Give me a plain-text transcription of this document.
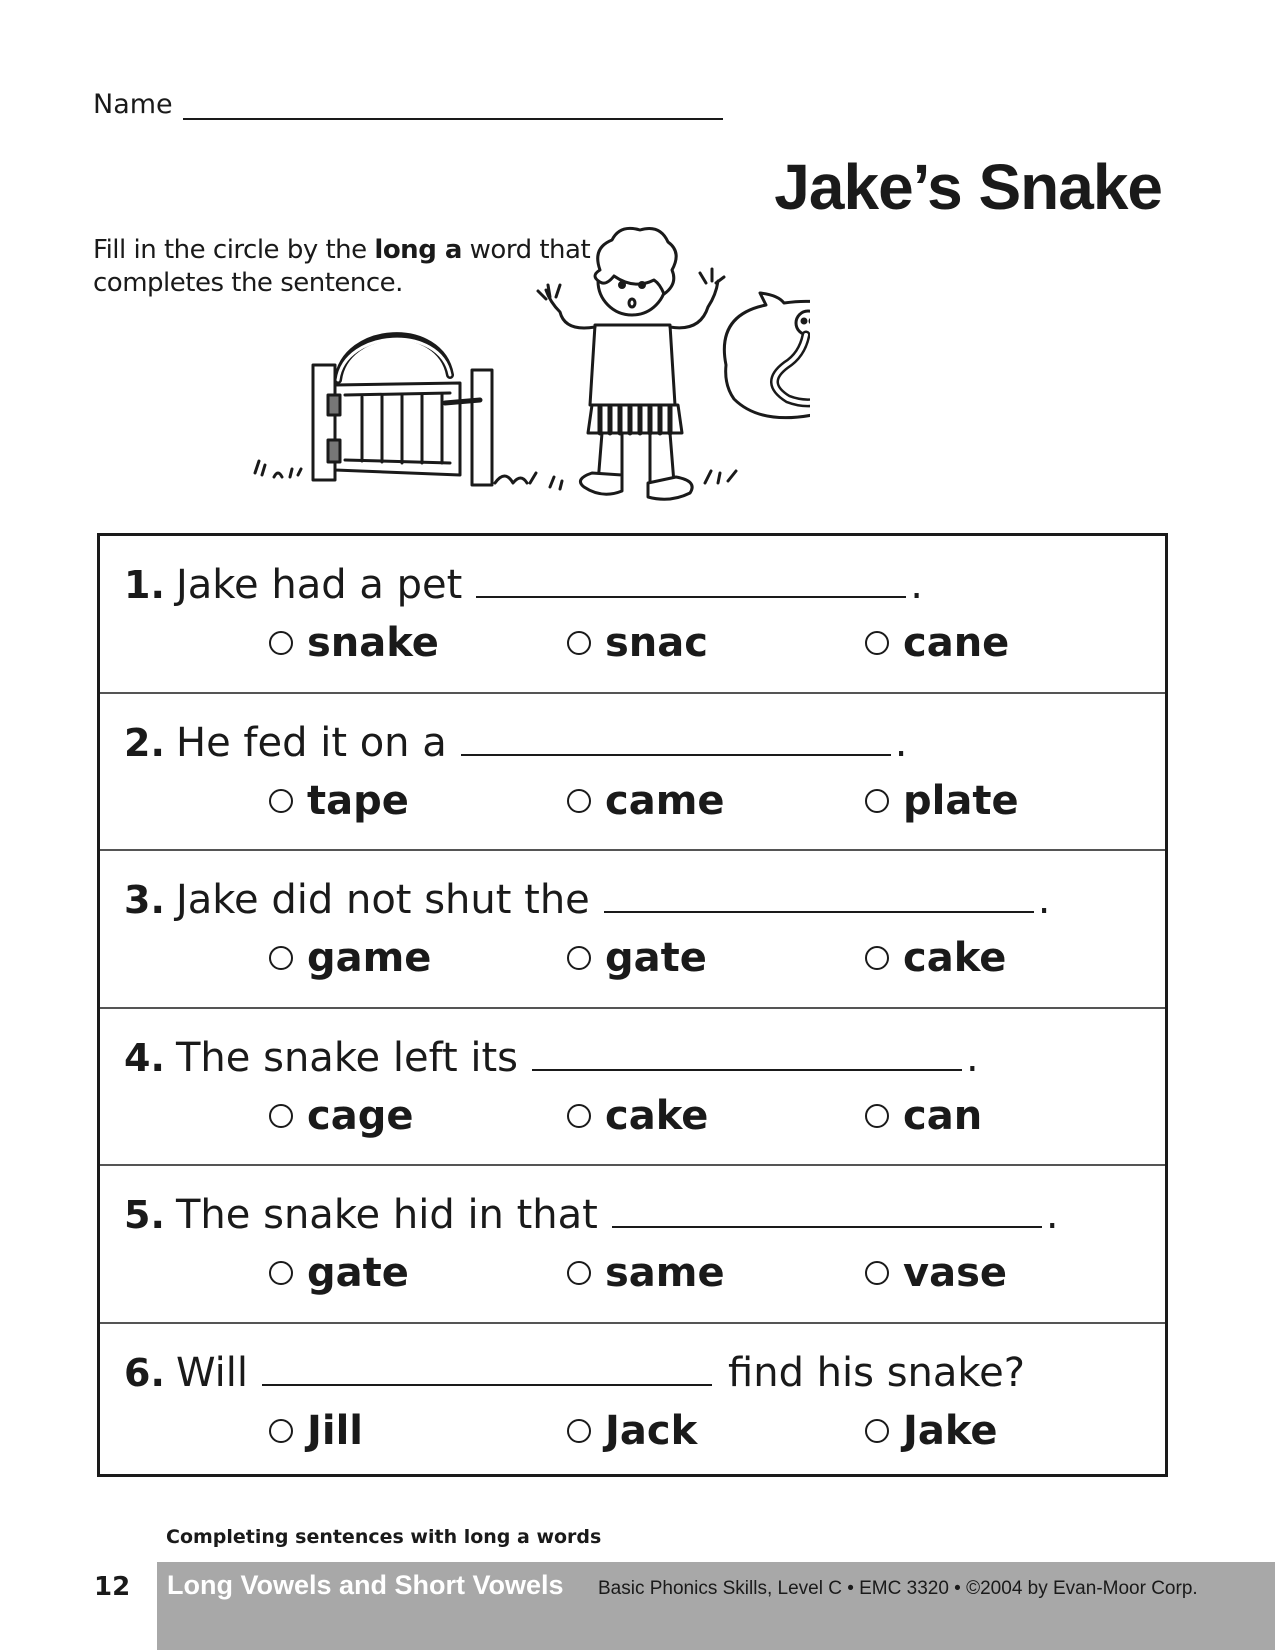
Name
Jake’s Snake

Fill in the circle by the long a word that completes the sentence.

1. Jake had a pet	.
snake	snac	cane
2. He fed it on a	.
tape	came	plate
3. Jake did not shut the	.
game	gate	cake
4. The snake left its	.
cage	cake	can
5. The snake hid in that	.
gate	same	vase
6. Will	find his snake?
Jill	Jack	Jake

Completing sentences with long a words

12 Long Vowels and Short Vowels Basic Phonics Skills, Level C • EMC 3320 • ©2004 by Evan-Moor Corp.
